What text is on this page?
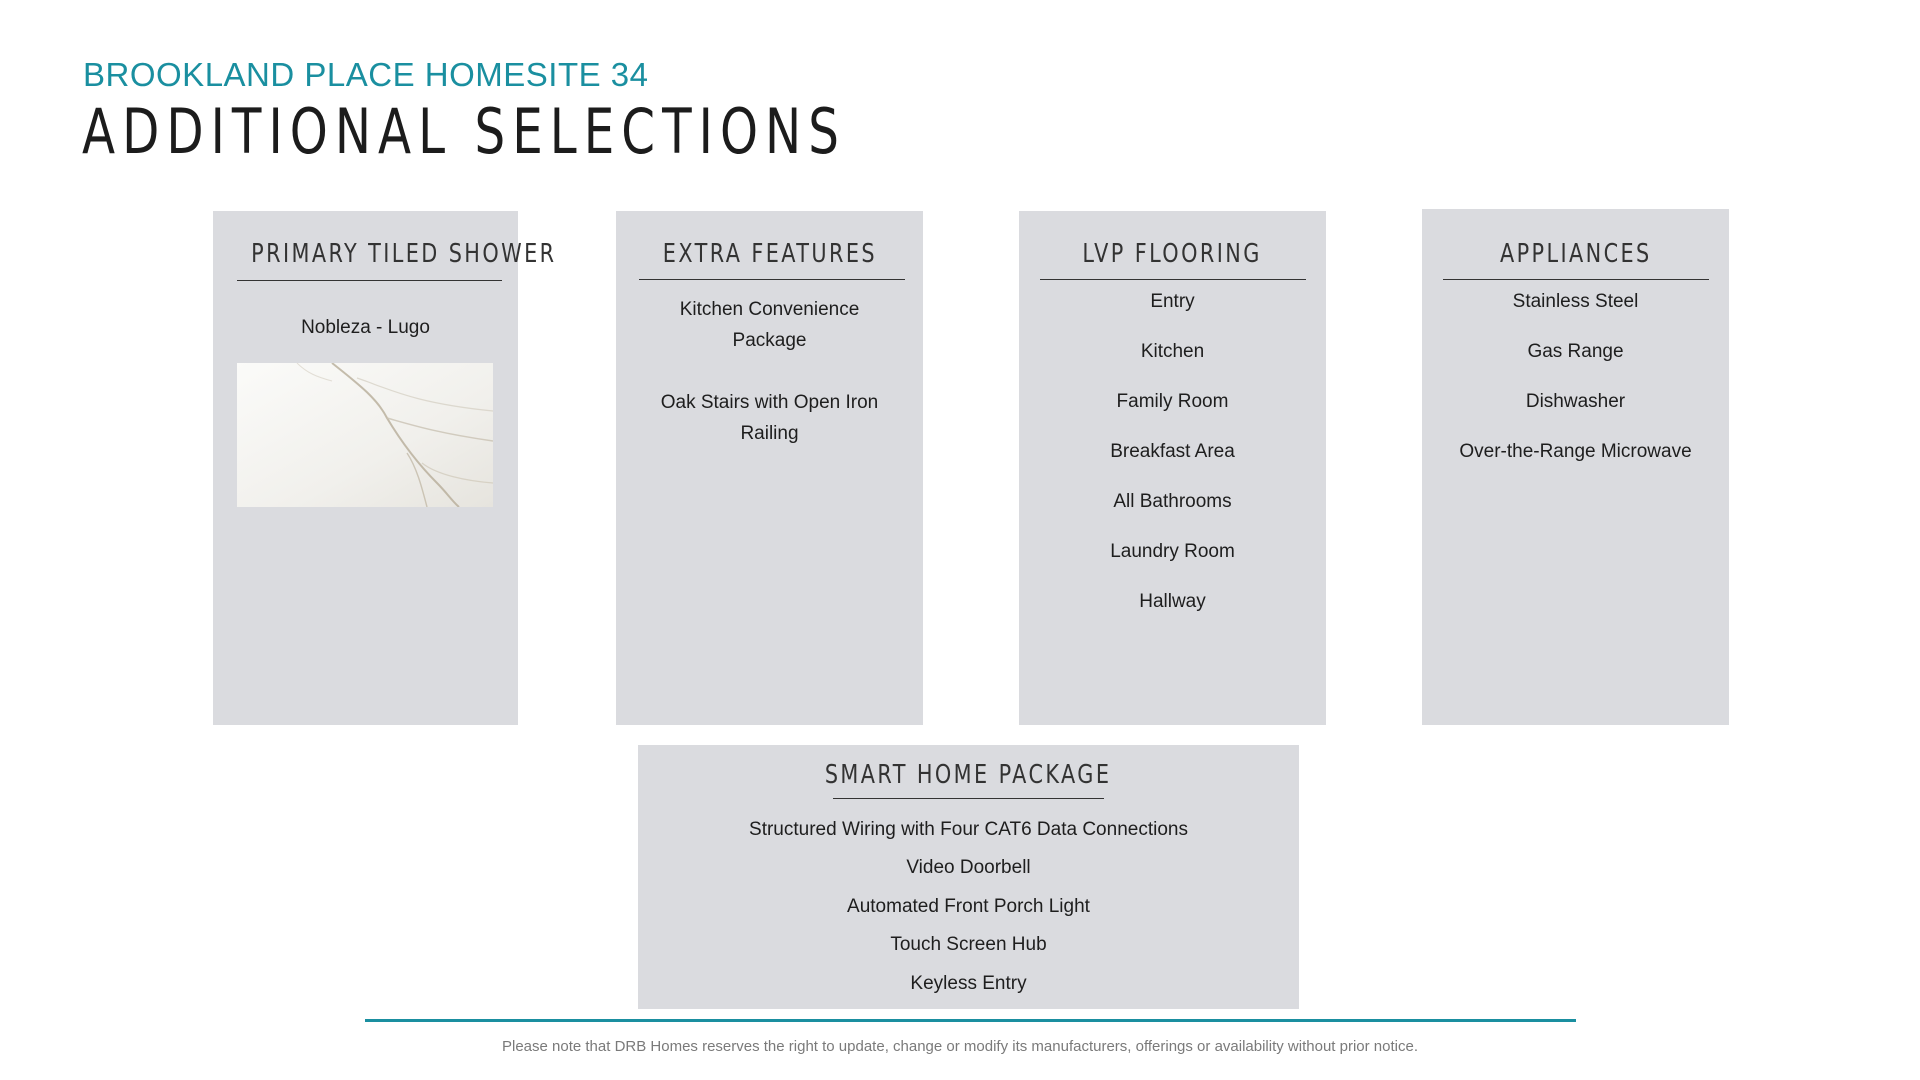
BROOKLAND PLACE HOMESITE 34
ADDITIONAL SELECTIONS
PRIMARY TILED SHOWER
Nobleza - Lugo
EXTRA FEATURES
Kitchen Convenience Package
Oak Stairs with Open Iron Railing
LVP FLOORING
Entry
Kitchen
Family Room
Breakfast Area
All Bathrooms
Laundry Room
Hallway
APPLIANCES
Stainless Steel
Gas Range
Dishwasher
Over-the-Range Microwave
SMART HOME PACKAGE
Structured Wiring with Four CAT6 Data Connections
Video Doorbell
Automated Front Porch Light
Touch Screen Hub
Keyless Entry
Please note that DRB Homes reserves the right to update, change or modify its manufacturers, offerings or availability without prior notice.
